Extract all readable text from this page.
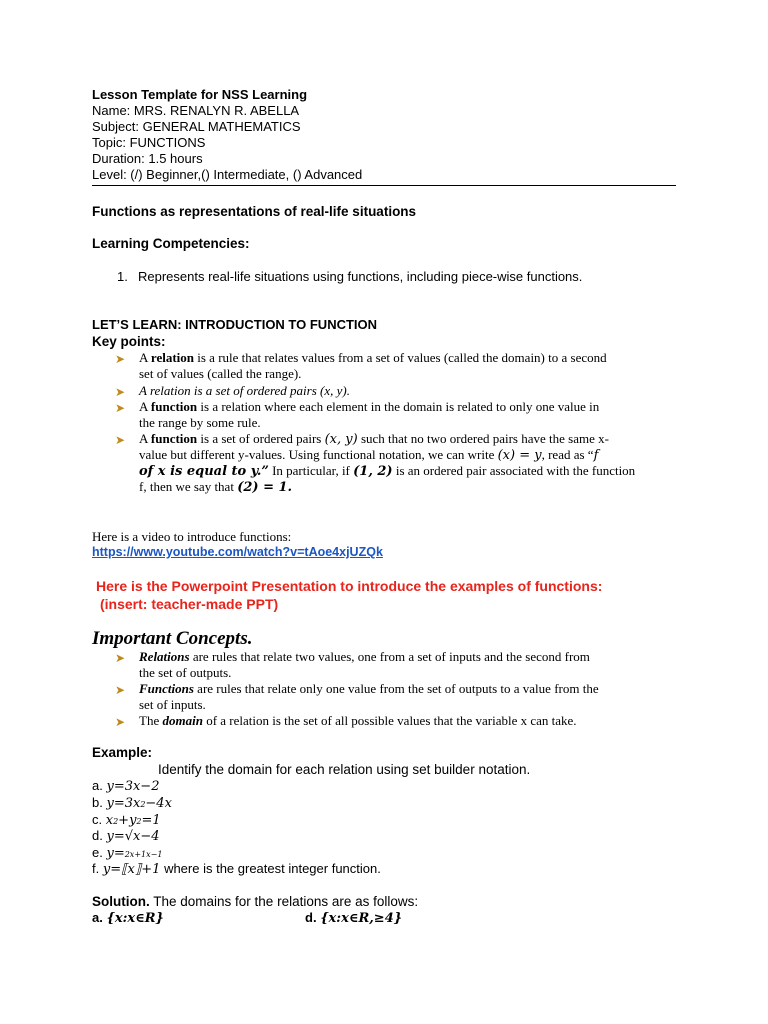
Lesson Template for NSS Learning
Name: MRS. RENALYN R. ABELLA
Subject: GENERAL MATHEMATICS
Topic: FUNCTIONS
Duration: 1.5 hours
Level: (/) Beginner,() Intermediate, () Advanced
Functions as representations of real-life situations
Learning Competencies:
1. Represents real-life situations using functions, including piece-wise functions.
LET’S LEARN: INTRODUCTION TO FUNCTION
Key points:
➤ A relation is a rule that relates values from a set of values (called the domain) to a second
set of values (called the range).
➤ A relation is a set of ordered pairs (x, y).
➤ A function is a relation where each element in the domain is related to only one value in
the range by some rule.
➤ A function is a set of ordered pairs (x, y) such that no two ordered pairs have the same x-
value but different y-values. Using functional notation, we can write (x) = y, read as “f
of x is equal to y.” In particular, if (1, 2) is an ordered pair associated with the function
f, then we say that (2) = 1.
Here is a video to introduce functions:
https://www.youtube.com/watch?v=tAoe4xjUZQk
Here is the Powerpoint Presentation to introduce the examples of functions:
(insert: teacher-made PPT)
Important Concepts.
➤ Relations are rules that relate two values, one from a set of inputs and the second from
the set of outputs.
➤ Functions are rules that relate only one value from the set of outputs to a value from the
set of inputs.
➤ The domain of a relation is the set of all possible values that the variable x can take.
Example:
Identify the domain for each relation using set builder notation.
a. y=3x−2
b. y=3x2−4x
c. x2+y2=1
d. y=√x−4
e. y=2x+1x−1
f. y=⟦x⟧+1 where is the greatest integer function.
Solution. The domains for the relations are as follows:
a. {x:x∈R}	d. {x:x∈R,≥4}
